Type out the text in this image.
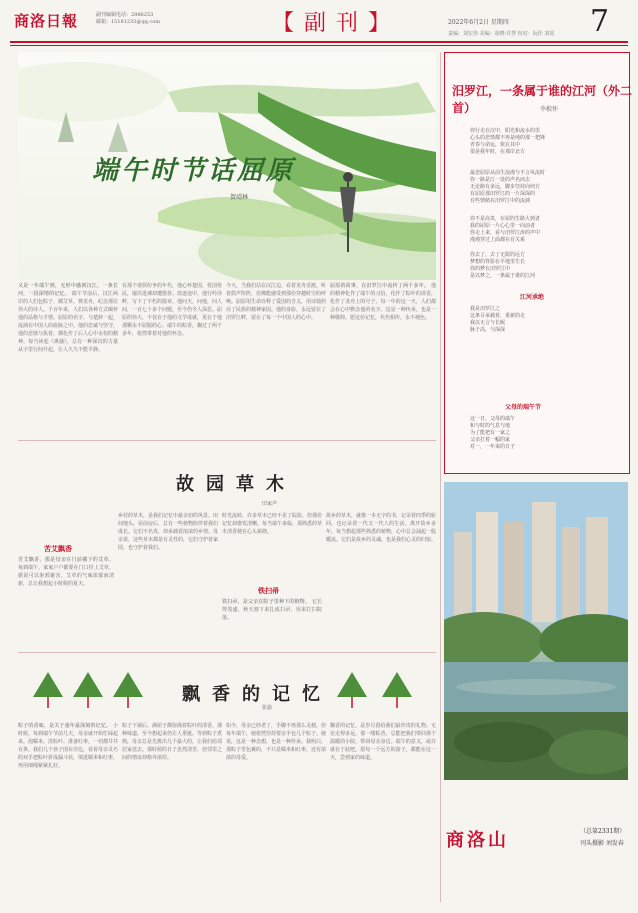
商洛日報	副刊编辑电话：2986253
邮箱：15181233@qq.com	【副刊】	2022年6月2日 星期四	7
责编：刘宏伟 美编：胡晓·许慧 校对：阮佳 刘瑶
端午时节话屈原
贺靖林
又是一年端午到，无形中感到汉江，一条长河，一段深情的记忆。 端午节前后，汉江两岸的人们包粽子、插艾草、赛龙舟，纪念那位伟大的诗人。千百年来，人们以各种方式缅怀他的品格与才情。屈原的名字，与楚辞一起，流淌在中国人的血脉之中。他的忠诚与坚守，他的悲愤与执着，都化作了后人心中永恒的精神。每当读起《离骚》，总有一种深沉的力量从字里行间升起，让人久久不能平静。
在那个诸侯纷争的年代，他心怀楚国，忧国忧民，屡次进谏却遭排挤。放逐途中，他行吟泽畔，写下了不朽的篇章。他问天，问地，问人间，一百七十多个问题，至今仍令人深思。屈原的伟大，不仅在于他的文学成就，更在于他那颗永不屈服的心。端午的粽香，飘过了两千多年，依然带着对他的怀念。
今天，当我们站在汉江边，看着龙舟竞渡，听着鼓声阵阵，仿佛能感受到那份穿越时空的呼唤。屈原用生命诠释了爱国的含义，用诗篇照亮了民族的精神家园。他的身影，永远留在了汨罗江畔，留在了每一个中国人的心中。
屈原的故事，在汨罗江中流传了两千多年。 他的精神化作了端午的习俗，化作了粽叶的清香，化作了龙舟上的号子。每一年的这一天，人们都会在心中默念他的名字。这是一种传承，也是一种敬仰。愿这份记忆，代代相传，永不褪色。
汨罗江，一条属于谁的江河（外二首）	李根怀
你行走在汉中，阳光和流水的里
心头的悲情都不再是纯的那一把锋
青春与命运，依在其中
很是我年时，在那岸北方
最悲屈原从前生浪漫与不言风流时
你一路是江一处的声名而去
无论路有多远，脚步坚持向何方
有屈原那汨罗江的一片深深的
有些情绪在汨罗江中的流淌
你不是高贵，在屋的生路大到者
我的屈原一片心心里一向前者
你走上来，看与汨罗江涛的声中
漫漫穿过上面都在有关系
你去了，去了无限的远方
梦想的背影在平地里生长
你的梦在汨罗江中
是以梦之，一条属于谁的江河
江河承绝
我是汨罗江之
这条目承载着，重新的走
我以无言与长眠
脉于高，与深深
父母的端午节
这一日，父母的端午
和与时的气息与地
为了能把有一家之
父亲打着一幅的家
对一，一年来的日子
故园草木
田家声
苦艾飘香
苦艾飘香，那是母亲在门前插下的艾草。 每到端午，家家户户都要在门口挂上艾草，据说可以驱邪避害。艾草的气味浓郁而清新，总让我想起小时候的夏天。
乡村的草木，是我们记忆中最亲切的风景。田间地头，屋前房后，总有一些植物陪伴着我们成长。它们不名贵，却承载着浓浓的乡情。母亲说，这些草木都是有灵性的，它们守护着家园，也守护着我们。
时光流转，许多草木已经不见了踪影，但那份记忆却愈发清晰。每当端午来临，那熟悉的草木清香便在心头萦绕。
铁扫帚
铁扫帚，是父亲在院子里种下的植物。 它长得茂盛，秋天割下来扎成扫帚，用来打扫院落。
故乡的草木，就像一本无字的书，记录着四季的轮回，也记录着一代又一代人的生活。离开故乡多年，每当想起那些熟悉的植物，心中总会涌起一股暖流。它们是故乡的灵魂，也是我们心灵的归宿。
飘香的记忆
张渝
粽子的香味，是关于童年最深刻的记忆。 小时候，每到端午节前几天，母亲就开始忙碌起来。泡糯米、洗粽叶、准备红枣，一切都井井有条。我们几个孩子围在旁边，看着母亲灵巧的双手把粽叶折成漏斗状，填进糯米和红枣，再用细绳紧紧扎好。
粽子下锅后，满屋子都弥漫着粽叶的清香。那种味道，至今想起来仍让人垂涎。等到粽子煮熟，母亲总是先挑出几个最大的，让我们给邻居家送去。那时候的日子虽然清苦，但邻里之间的情谊却格外浓厚。
如今，母亲已经老了，手脚不再那么灵便，但每年端午，她依然坚持要亲手包几个粽子。她说，这是一种念想，也是一种传承。我明白，那粽子里包裹的，不只是糯米和红枣，还有浓浓的母爱。
飘香的记忆，是岁月留给我们最珍贵的礼物。无论走得多远，那一缕粽香，总能把我们带回那个温暖的小院，带回母亲身边。端午的意义，或许就在于此吧。愿每一个远方的游子，都能在这一天，尝到家的味道。
商洛山	（总第2331期）
刊头摄影 刘发春
